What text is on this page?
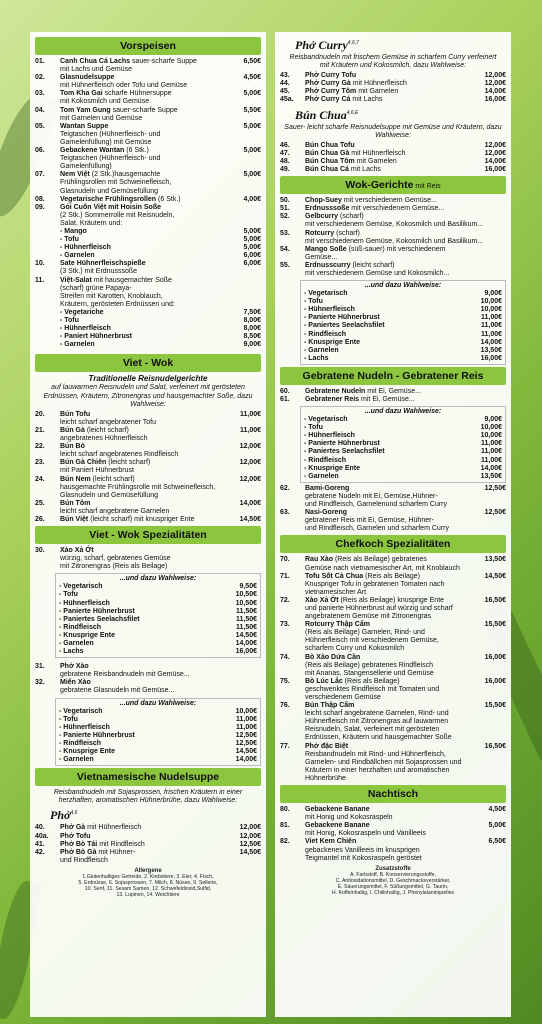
Vorspeisen
01.	Canh Chua Cá Lachs sauer-scharfe Suppe	6,50€
mit Lachs und Gemüse
02.	Glasnudelsuppe	4,50€
mit Hühnerfleisch oder Tofu und Gemüse
03.	Tom Kha Gai scharfe Hühnersuppe	5,00€
mit Kokosmilch und Gemüse
04.	Tom Yam Gung sauer-scharfe Suppe	5,50€
mit Garnelen und Gemüse
05.	Wantan Suppe	5,00€
Teigtaschen (Hühnerfleisch- und
Garnelenfüllung) mit Gemüse
06.	Gebackene Wantan (6 Stk.)	5,00€
Teigtaschen (Hühnerfleisch- und
Garnelenfüllung)
07.	Nem Việt (2 Stk.)hausgemachte	5,00€
Frühlingsrollen mit Schweinefleisch,
Glasnudeln und Gemüsefüllung
08.	Vegetarische Frühlingsrollen (6 Stk.)	4,00€
09.	Gỏi Cuốn Việt mit Hoisin Soße
(2 Stk.) Sommerrolle mit Reisnudeln,
Salat, Kräutern und:
- Mango	5,00€
- Tofu	5,00€
- Hühnerfleisch	5,00€
- Garnelen	6,00€
10.	Sate Hühnerfleischspieße	6,00€
(3 Stk.) mit Erdnusssoße
11.	Việt-Salat mit hausgemachter Soße
(scharf) grüne Papaya-
Streifen mit Karotten, Knoblauch,
Kräutern, gerösteten Erdnüssen und:
- Vegetariche	7,50€
- Tofu	8,00€
- Hühnerfleisch	8,00€
- Paniert Hühnerbrust	8,50€
- Garnelen	9,00€
Viet - Wok
Traditionelle Reisnudelgerichte
auf lauwarmen Reisnudeln und Salat, verfeinert mit gerösteten Erdnüssen, Kräutern, Zitronengras und hausgemachter Soße, dazu Wahlweise:
20.	Bún Tofu	11,00€
leicht scharf angebratener Tofu
21.	Bún Gà (leicht scharf)	11,00€
angebratenes Hühnerfleisch
22.	Bún Bò	12,00€
leicht scharf angebratenes Rindfleisch
23.	Bún Gà Chiên (leicht scharf)	12,00€
mit Paniert Hühnerbrust
24.	Bún Nem (leicht scharf)	12,00€
hausgemachte Frühlingsrolle mit Schweinefleisch,
Glasnudeln und Gemüsefüllung
25.	Bún Tôm	14,00€
leicht scharf angebratene Garnelen
26.	Bún Việt (leicht scharf) mit knuspriger Ente	14,50€
Viet - Wok Spezialitäten
30.	Xào Xả Ớt
würzig, scharf, gebratenes Gemüse
mit Zitronengras (Reis als Beilage)
...und dazu Wahlweise:
- Vegetarisch	9,50€
- Tofu	10,50€
- Hühnerfleisch	10,50€
- Panierte Hühnerbrust	11,50€
- Paniertes Seelachsfilet	11,50€
- Rindfleisch	11,50€
- Knusprige Ente	14,50€
- Garnelen	14,00€
- Lachs	16,00€
31.	Phở Xào
gebratene Reisbandnudeln mit Gemüse...
32.	Miến Xào
gebratene Glasnudeln mit Gemüse...
...und dazu Wahlweise:
- Vegetarisch	10,00€
- Tofu	11,00€
- Hühnerfleisch	11,00€
- Panierte Hühnerbrust	12,50€
- Rindfleisch	12,50€
- Knusprige Ente	14,50€
- Garnelen	14,00€
Vietnamesische Nudelsuppe
Reisbandnudeln mit Sojasprossen, frischen Kräutern in einer herzhaften, aromatischen Hühnerbrühe, dazu Wahlweise:
Phở$^{4,6}$
40.	Phở Gà mit Hühnerfleisch	12,00€
40a.	Phở Tofu	12,00€
41.	Phở Bò Tái mit Rindfleisch	12,50€
42.	Phở Bò Gà mit Hühner-	14,50€
und Rindfleisch
Allergene
1.Glutenhaltiges Getreide, 2. Krebstiere, 3. Eier, 4. Fisch,
5. Erdnüsse, 6. Sojasprossen, 7. Milch, 8. Nüsse, 9. Sellerie,
10. Senf, 11. Sesam Samen, 12. Schwefeldioxid,Sulfid,
13. Lupinen, 14. Weichtiere
Phở Curry$^{4,6,7}$
Reisbandnudeln mit frischem Gemüse in scharfem Curry verfeinert mit Kräutern und Kokosmilch, dazu Wahlweise:
43.	Phở Curry Tofu	12,00€
44.	Phở Curry Gà mit Hühnerfleisch	12,00€
45.	Phở Curry Tôm mit Garnelen	14,00€
45a.	Phở Curry Cá mit Lachs	16,00€
Bún Chua$^{4,6,E}$
Sauer- leicht scharfe Reisnudelsuppe mit Gemüse und Kräutern, dazu Wahlweise:
46.	Bún Chua Tofu	12,00€
47.	Bún Chua Gà mit Hühnerfleisch	12,00€
48.	Bún Chua Tôm mit Garnelen	14,00€
49.	Bún Chua Cá mit Lachs	16,00€
Wok-Gerichte mit Reis
50.	Chop-Suey mit verschiedenem Gemüse...
51.	Erdnusssoße mit verschiedenem Gemüse...
52.	Gelbcurry (scharf)
mit verschiedenem Gemüse, Kokosmilch und Basilikum...
53.	Rotcurry (scharf)
mit verschiedenem Gemüse, Kokosmilch und Basilikum...
54.	Mango Soße (süß-sauer) mit verschiedenem Gemüse...
55.	Erdnusscurry (leicht scharf)
mit verschiedenem Gemüse und Kokosmilch...
...und dazu Wahlweise:
- Vegetarisch	9,00€
- Tofu	10,00€
- Hühnerfleisch	10,00€
- Panierte Hühnerbrust	11,00€
- Paniertes Seelachsfilet	11,00€
- Rindfleisch	11,00€
- Knusprige Ente	14,00€
- Garnelen	13,50€
- Lachs	16,00€
Gebratene Nudeln - Gebratener Reis
60.	Gebratene Nudeln mit Ei, Gemüse...
61.	Gebratener Reis mit Ei, Gemüse...
...und dazu Wahlweise:
- Vegetarisch	9,00€
- Tofu	10,00€
- Hühnerfleisch	10,00€
- Panierte Hühnerbrust	11,00€
- Paniertes Seelachsfilet	11,00€
- Rindfleisch	11,00€
- Knusprige Ente	14,00€
- Garnelen	13,50€
62.	Bami-Goreng	12,50€
gebratene Nudeln mit Ei, Gemüse,Hühner-
und Rindfleisch, Garnelenund scharfem Curry
63.	Nasi-Goreng	12,50€
gebratener Reis mit Ei, Gemüse, Hühner-
und Rindfleisch, Garnelen und scharfem Curry
Chefkoch Spezialitäten
70.	Rau Xào (Reis als Beilage) gebratenes	13,50€
Gemüse nach vietnamesischer Art, mit Knoblauch
71.	Tofu Sốt Cà Chua (Reis als Beilage)	14,50€
Knuspriger Tofu in gebratenen Tomaten nach
vietnamesischer Art
72.	Xào Xả Ớt (Reis als Beilage) knusprige Ente	16,50€
und panierte Hühnerbrust auf würzig und scharf
angebratenem Gemüse mit Zitronengras
73.	Rotcurry Thập Cẩm	15,50€
(Reis als Beilage) Garnelen, Rind- und
Hühnerfleisch mit verschiedenem Gemüse,
scharfem Curry und Kokosmilch
74.	Bò Xào Dứa Cần	16,00€
(Reis als Beilage) gebratenes Rindfleisch
mit Ananas, Stangensellerie und Gemüse
75.	Bò Lúc Lắc (Reis als Beilage)	16,00€
geschwenktes Rindfleisch mit Tomaten und
verschiedenem Gemüse
76.	Bún Thập Cẩm	15,50€
leicht scharf angebratene Garnelen, Rind- und
Hühnerfleisch mit Zitronengras auf lauwarmen
Reisnudeln, Salat, verfeinert mit gerösteten
Erdnüssen, Kräutern und hausgemachter Soße
77.	Phở đặc Biệt	16,50€
Reisbandnudeln mit Rind- und Hühnerfleisch,
Garnelen- und Rindbällchen mit Sojasprossen und
Kräutern in einer herzhaften und aromatischen
Hühnerbrühe
Nachtisch
80.	Gebackene Banane	4,50€
mit Honig und Kokosraspeln
81.	Gebackene Banane	5,00€
mit Honig, Kokosraspeln und Vanilleeis
82.	Viet Kem Chiên	6,50€
gebackenes Vanilleeis im knusprigen
Teigmantel mit Kokosraspeln geröstet
Zusatzstoffe
A. Farbstoff, B. Konservierungsstoffe,
C. Antioxidationsmittel, D. Geschmacksverstärker,
E. Säuerungsmittel, F. Süßungsmittel, G. Taurin,
H. Koffeinhaltig, I. Chilinhaltig, J. Phenylalaninquelles
